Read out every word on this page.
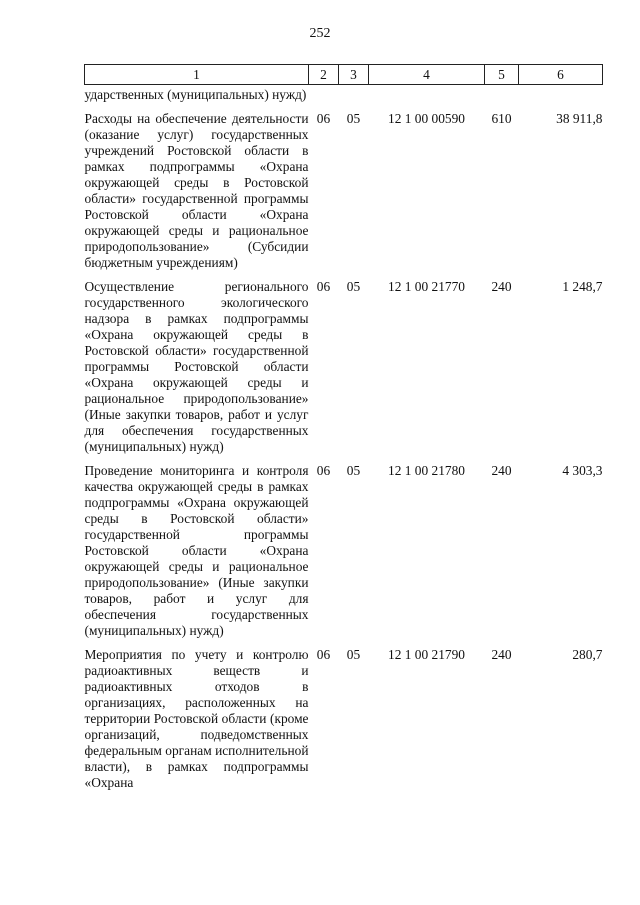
252
1	2	3	4	5	6
ударственных (муниципальных) нужд)					
Расходы на обеспечение деятельности (оказание услуг) государственных учреждений Ростовской области в рамках подпрограммы «Охрана окружающей среды в Ростовской области» государственной программы Ростовской области «Охрана окружающей среды и рациональное природопользование» (Субсидии бюджетным учреждениям)	06	05	12 1 00 00590	610	38 911,8
Осуществление регионального государственного экологического надзора в рамках подпрограммы «Охрана окружающей среды в Ростовской области» государственной программы Ростовской области «Охрана окружающей среды и рациональное природопользование» (Иные закупки товаров, работ и услуг для обеспечения государственных (муниципальных) нужд)	06	05	12 1 00 21770	240	1 248,7
Проведение мониторинга и контроля качества окружающей среды в рамках подпрограммы «Охрана окружающей среды в Ростовской области» государственной программы Ростовской области «Охрана окружающей среды и рациональное природопользование» (Иные закупки товаров, работ и услуг для обеспечения государственных (муниципальных) нужд)	06	05	12 1 00 21780	240	4 303,3
Мероприятия по учету и контролю радиоактивных веществ и радиоактивных отходов в организациях, расположенных на территории Ростовской области (кроме организаций, подведомственных федеральным органам исполнительной власти), в рамках подпрограммы «Охрана	06	05	12 1 00 21790	240	280,7
